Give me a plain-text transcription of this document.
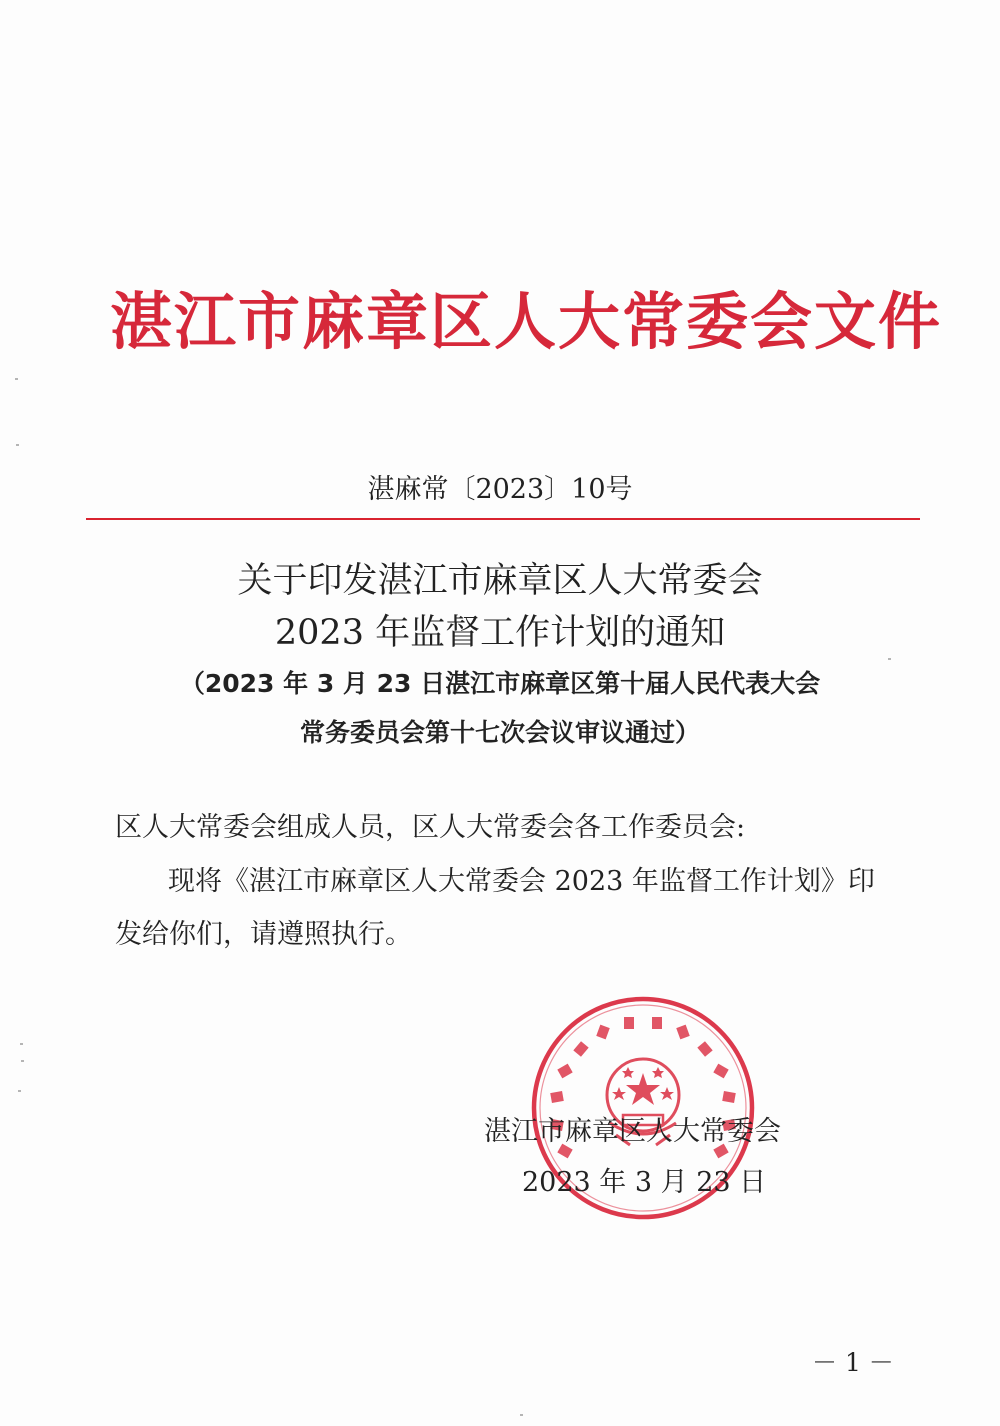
湛江市麻章区人大常委会文件
湛麻常〔2023〕10号
关于印发湛江市麻章区人大常委会
2023 年监督工作计划的通知
（2023 年 3 月 23 日湛江市麻章区第十届人民代表大会
常务委员会第十七次会议审议通过）
区人大常委会组成人员，区人大常委会各工作委员会:
现将《湛江市麻章区人大常委会 2023 年监督工作计划》印
发给你们，请遵照执行。
湛江市麻章区人大常委会
2023 年 3 月 23 日
－ 1 －
